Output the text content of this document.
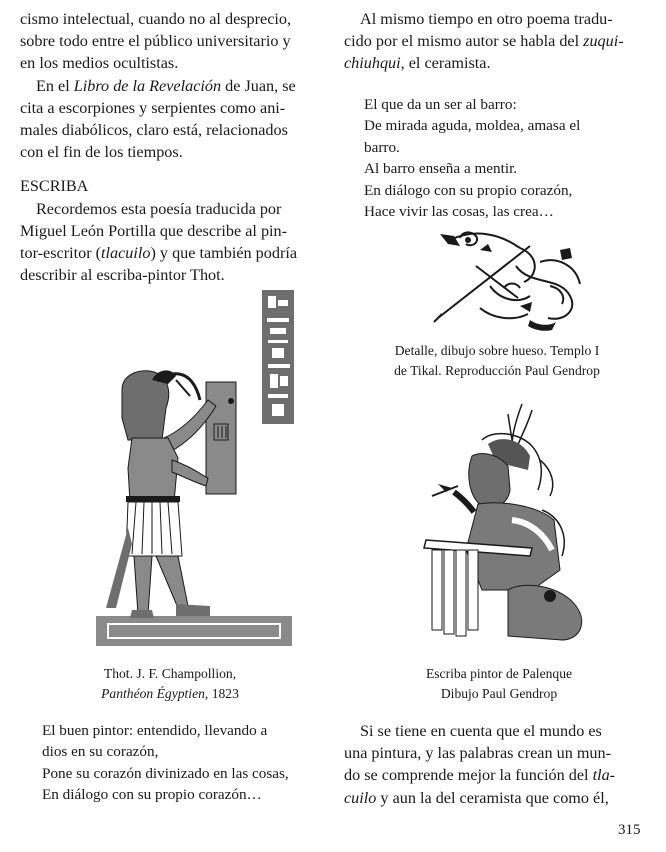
cismo intelectual, cuando no al desprecio,
sobre todo entre el público universitario y
en los medios ocultistas.

En el Libro de la Revelación de Juan, se
cita a escorpiones y serpientes como ani-
males diabólicos, claro está, relacionados
con el fin de los tiempos.

ESCRIBA

Recordemos esta poesía traducida por
Miguel León Portilla que describe al pin-
tor-escritor (tlacuilo) y que también podría
describir al escriba-pintor Thot.

Al mismo tiempo en otro poema tradu-
cido por el mismo autor se habla del zuqui-
chiuhqui, el ceramista.

El que da un ser al barro:
De mirada aguda, moldea, amasa el
barro.
Al barro enseña a mentir.
En diálogo con su propio corazón,
Hace vivir las cosas, las crea…
Detalle, dibujo sobre hueso. Templo I
de Tikal. Reproducción Paul Gendrop
Thot. J. F. Champollion,
Panthéon Égyptien, 1823
Escriba pintor de Palenque
Dibujo Paul Gendrop
El buen pintor: entendido, llevando a
dios en su corazón,
Pone su corazón divinizado en las cosas,
En diálogo con su propio corazón…

Si se tiene en cuenta que el mundo es
una pintura, y las palabras crean un mun-
do se comprende mejor la función del tla-
cuilo y aun la del ceramista que como él,

315
